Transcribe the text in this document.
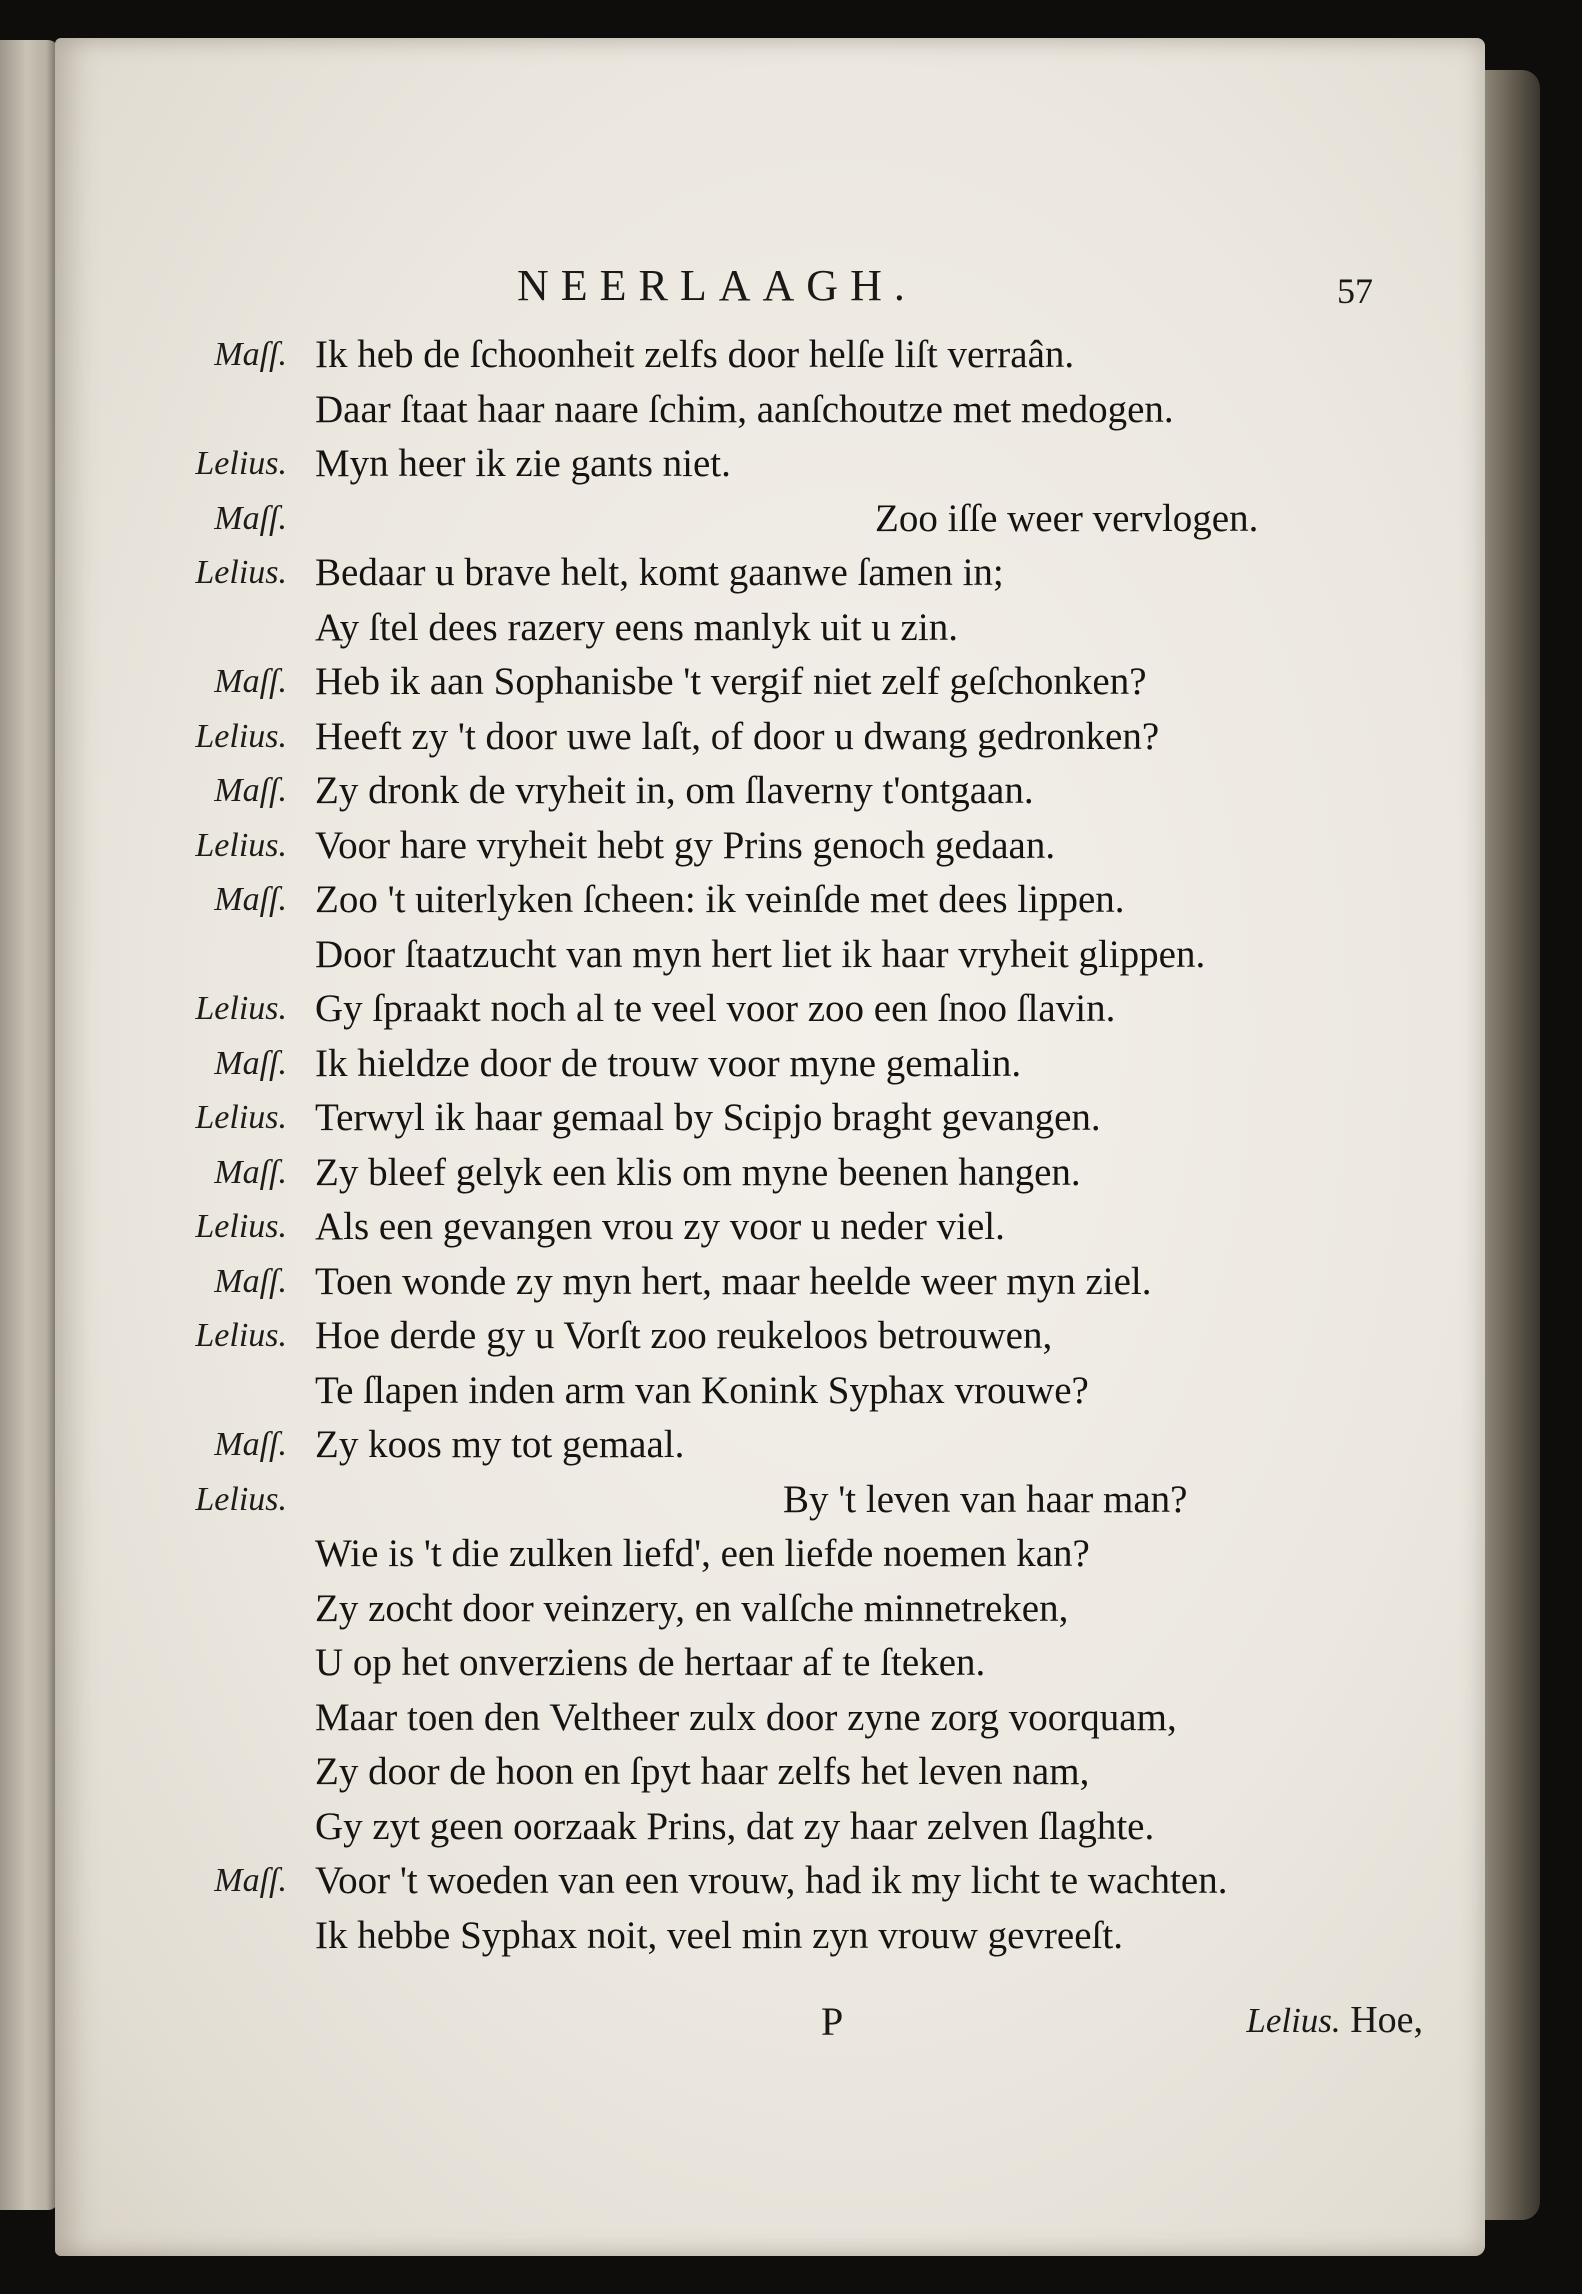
NEERLAAGH.	57
Maſſ. Ik heb de ſchoonheit zelfs door helſe liſt verraân.
Daar ſtaat haar naare ſchim, aanſchoutze met medogen.
Lelius. Myn heer ik zie gants niet.
Maſſ.	Zoo iſſe weer vervlogen.
Lelius. Bedaar u brave helt, komt gaanwe ſamen in;
Ay ſtel dees razery eens manlyk uit u zin.
Maſſ. Heb ik aan Sophanisbe 't vergif niet zelf geſchonken?
Lelius. Heeft zy 't door uwe laſt, of door u dwang gedronken?
Maſſ. Zy dronk de vryheit in, om ſlaverny t'ontgaan.
Lelius. Voor hare vryheit hebt gy Prins genoch gedaan.
Maſſ. Zoo 't uiterlyken ſcheen: ik veinſde met dees lippen.
Door ſtaatzucht van myn hert liet ik haar vryheit glippen.
Lelius. Gy ſpraakt noch al te veel voor zoo een ſnoo ſlavin.
Maſſ. Ik hieldze door de trouw voor myne gemalin.
Lelius. Terwyl ik haar gemaal by Scipjo braght gevangen.
Maſſ. Zy bleef gelyk een klis om myne beenen hangen.
Lelius. Als een gevangen vrou zy voor u neder viel.
Maſſ. Toen wonde zy myn hert, maar heelde weer myn ziel.
Lelius. Hoe derde gy u Vorſt zoo reukeloos betrouwen,
Te ſlapen inden arm van Konink Syphax vrouwe?
Maſſ. Zy koos my tot gemaal.
Lelius.	By 't leven van haar man?
Wie is 't die zulken liefd', een liefde noemen kan?
Zy zocht door veinzery, en valſche minnetreken,
U op het onverziens de hertaar af te ſteken.
Maar toen den Veltheer zulx door zyne zorg voorquam,
Zy door de hoon en ſpyt haar zelfs het leven nam,
Gy zyt geen oorzaak Prins, dat zy haar zelven ſlaghte.
Maſſ. Voor 't woeden van een vrouw, had ik my licht te wachten.
Ik hebbe Syphax noit, veel min zyn vrouw gevreeſt.
P	Lelius. Hoe,
